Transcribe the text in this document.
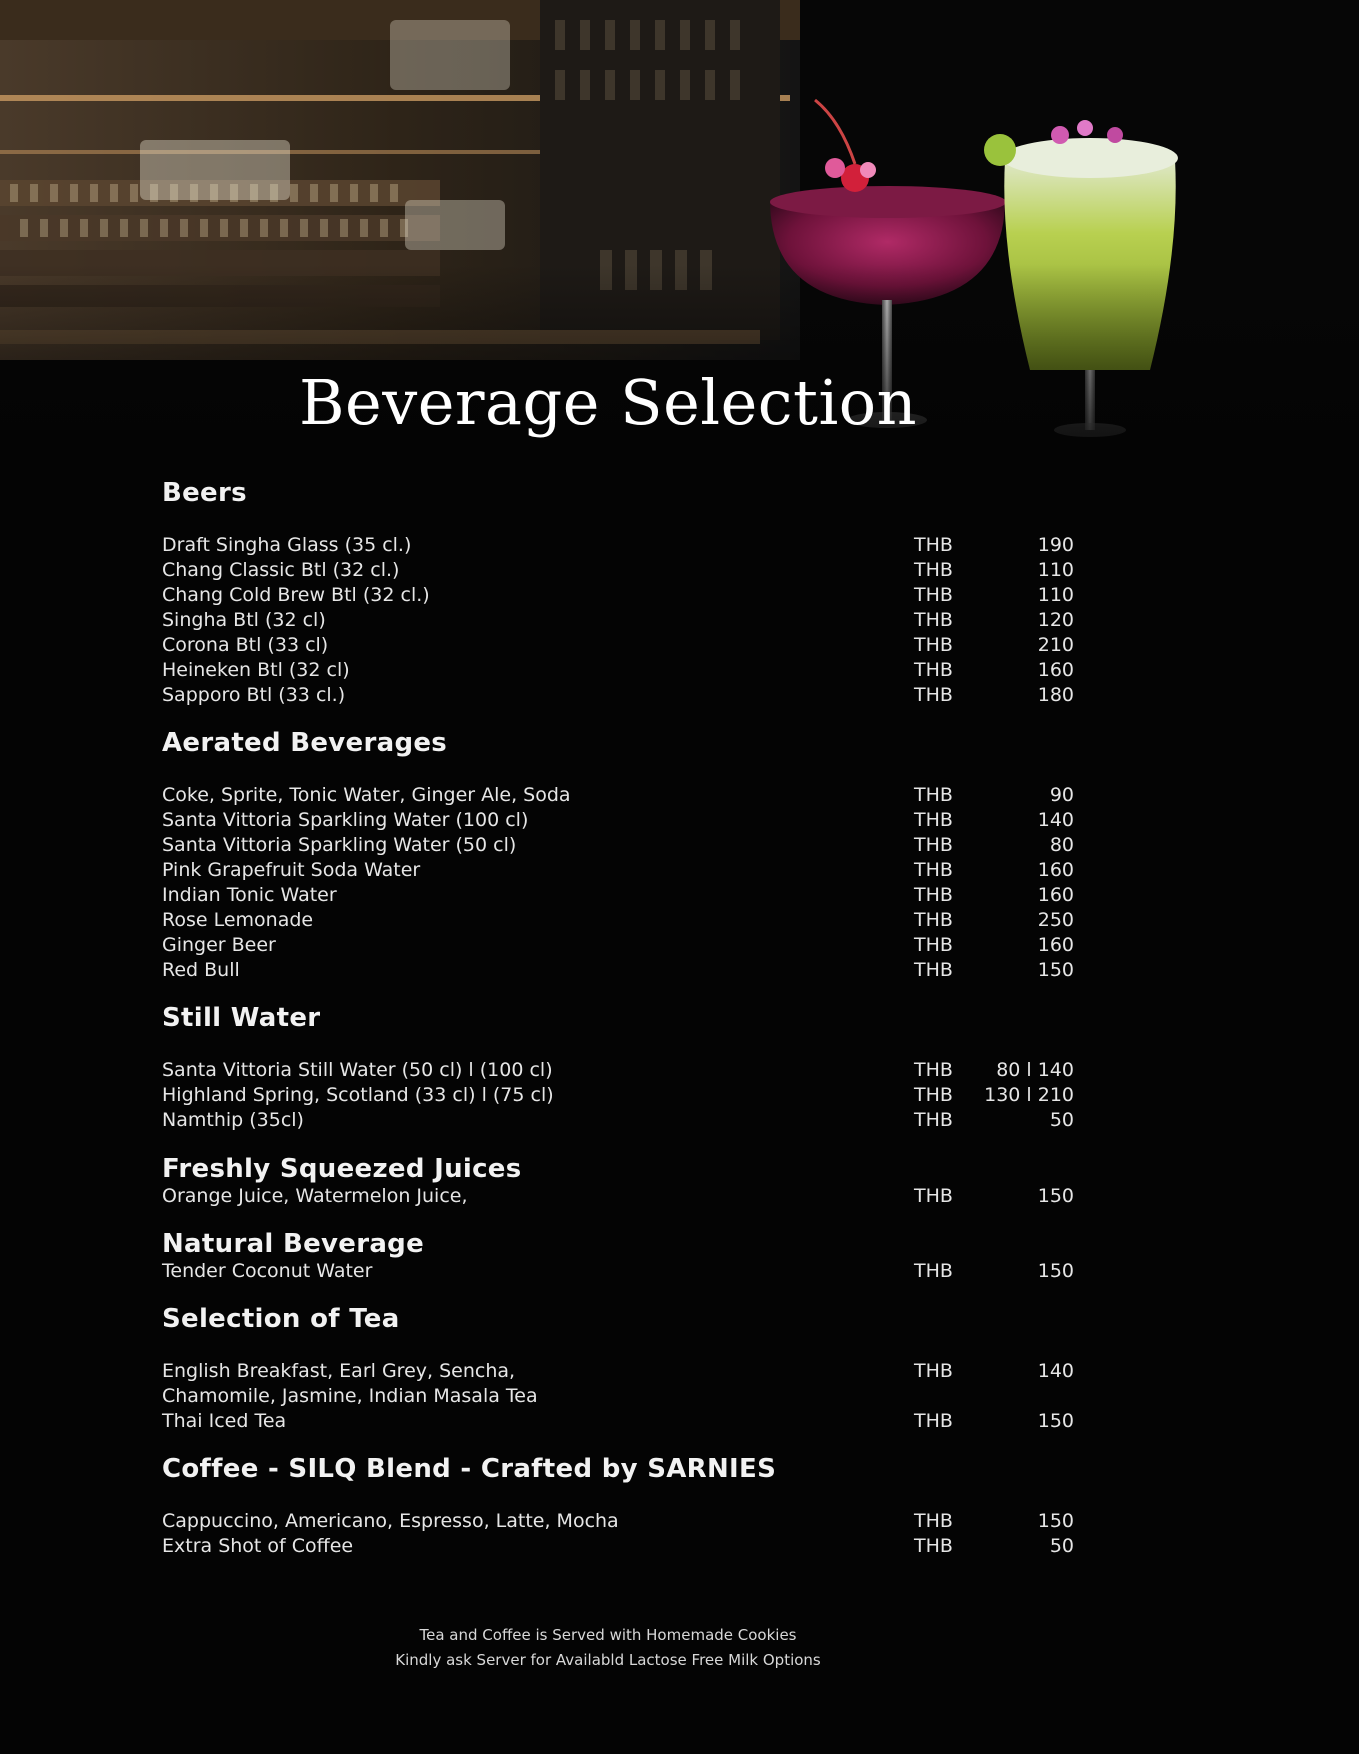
Beverage Selection
Beers
Draft Singha Glass (35 cl.)	THB	190
Chang Classic Btl (32 cl.)	THB	110
Chang Cold Brew Btl (32 cl.)	THB	110
Singha Btl (32 cl)	THB	120
Corona Btl (33 cl)	THB	210
Heineken Btl (32 cl)	THB	160
Sapporo Btl (33 cl.)	THB	180
Aerated Beverages
Coke, Sprite, Tonic Water, Ginger Ale, Soda	THB	90
Santa Vittoria Sparkling Water (100 cl)	THB	140
Santa Vittoria Sparkling Water (50 cl)	THB	80
Pink Grapefruit Soda Water	THB	160
Indian Tonic Water	THB	160
Rose Lemonade	THB	250
Ginger Beer	THB	160
Red Bull	THB	150
Still Water
Santa Vittoria Still Water (50 cl) l (100 cl)	THB 80 l 140
Highland Spring, Scotland (33 cl) l (75 cl)	THB 130 l 210
Namthip (35cl)	THB	50
Freshly Squeezed Juices
Orange Juice, Watermelon Juice,	THB	150
Natural Beverage
Tender Coconut Water	THB	150
Selection of Tea
English Breakfast, Earl Grey, Sencha,	THB	140
Chamomile, Jasmine, Indian Masala Tea
Thai Iced Tea	THB	150
Coffee - SILQ Blend - Crafted by SARNIES
Cappuccino, Americano, Espresso, Latte, Mocha	THB	150
Extra Shot of Coffee	THB	50
Tea and Coffee is Served with Homemade Cookies
Kindly ask Server for Availabld Lactose Free Milk Options
